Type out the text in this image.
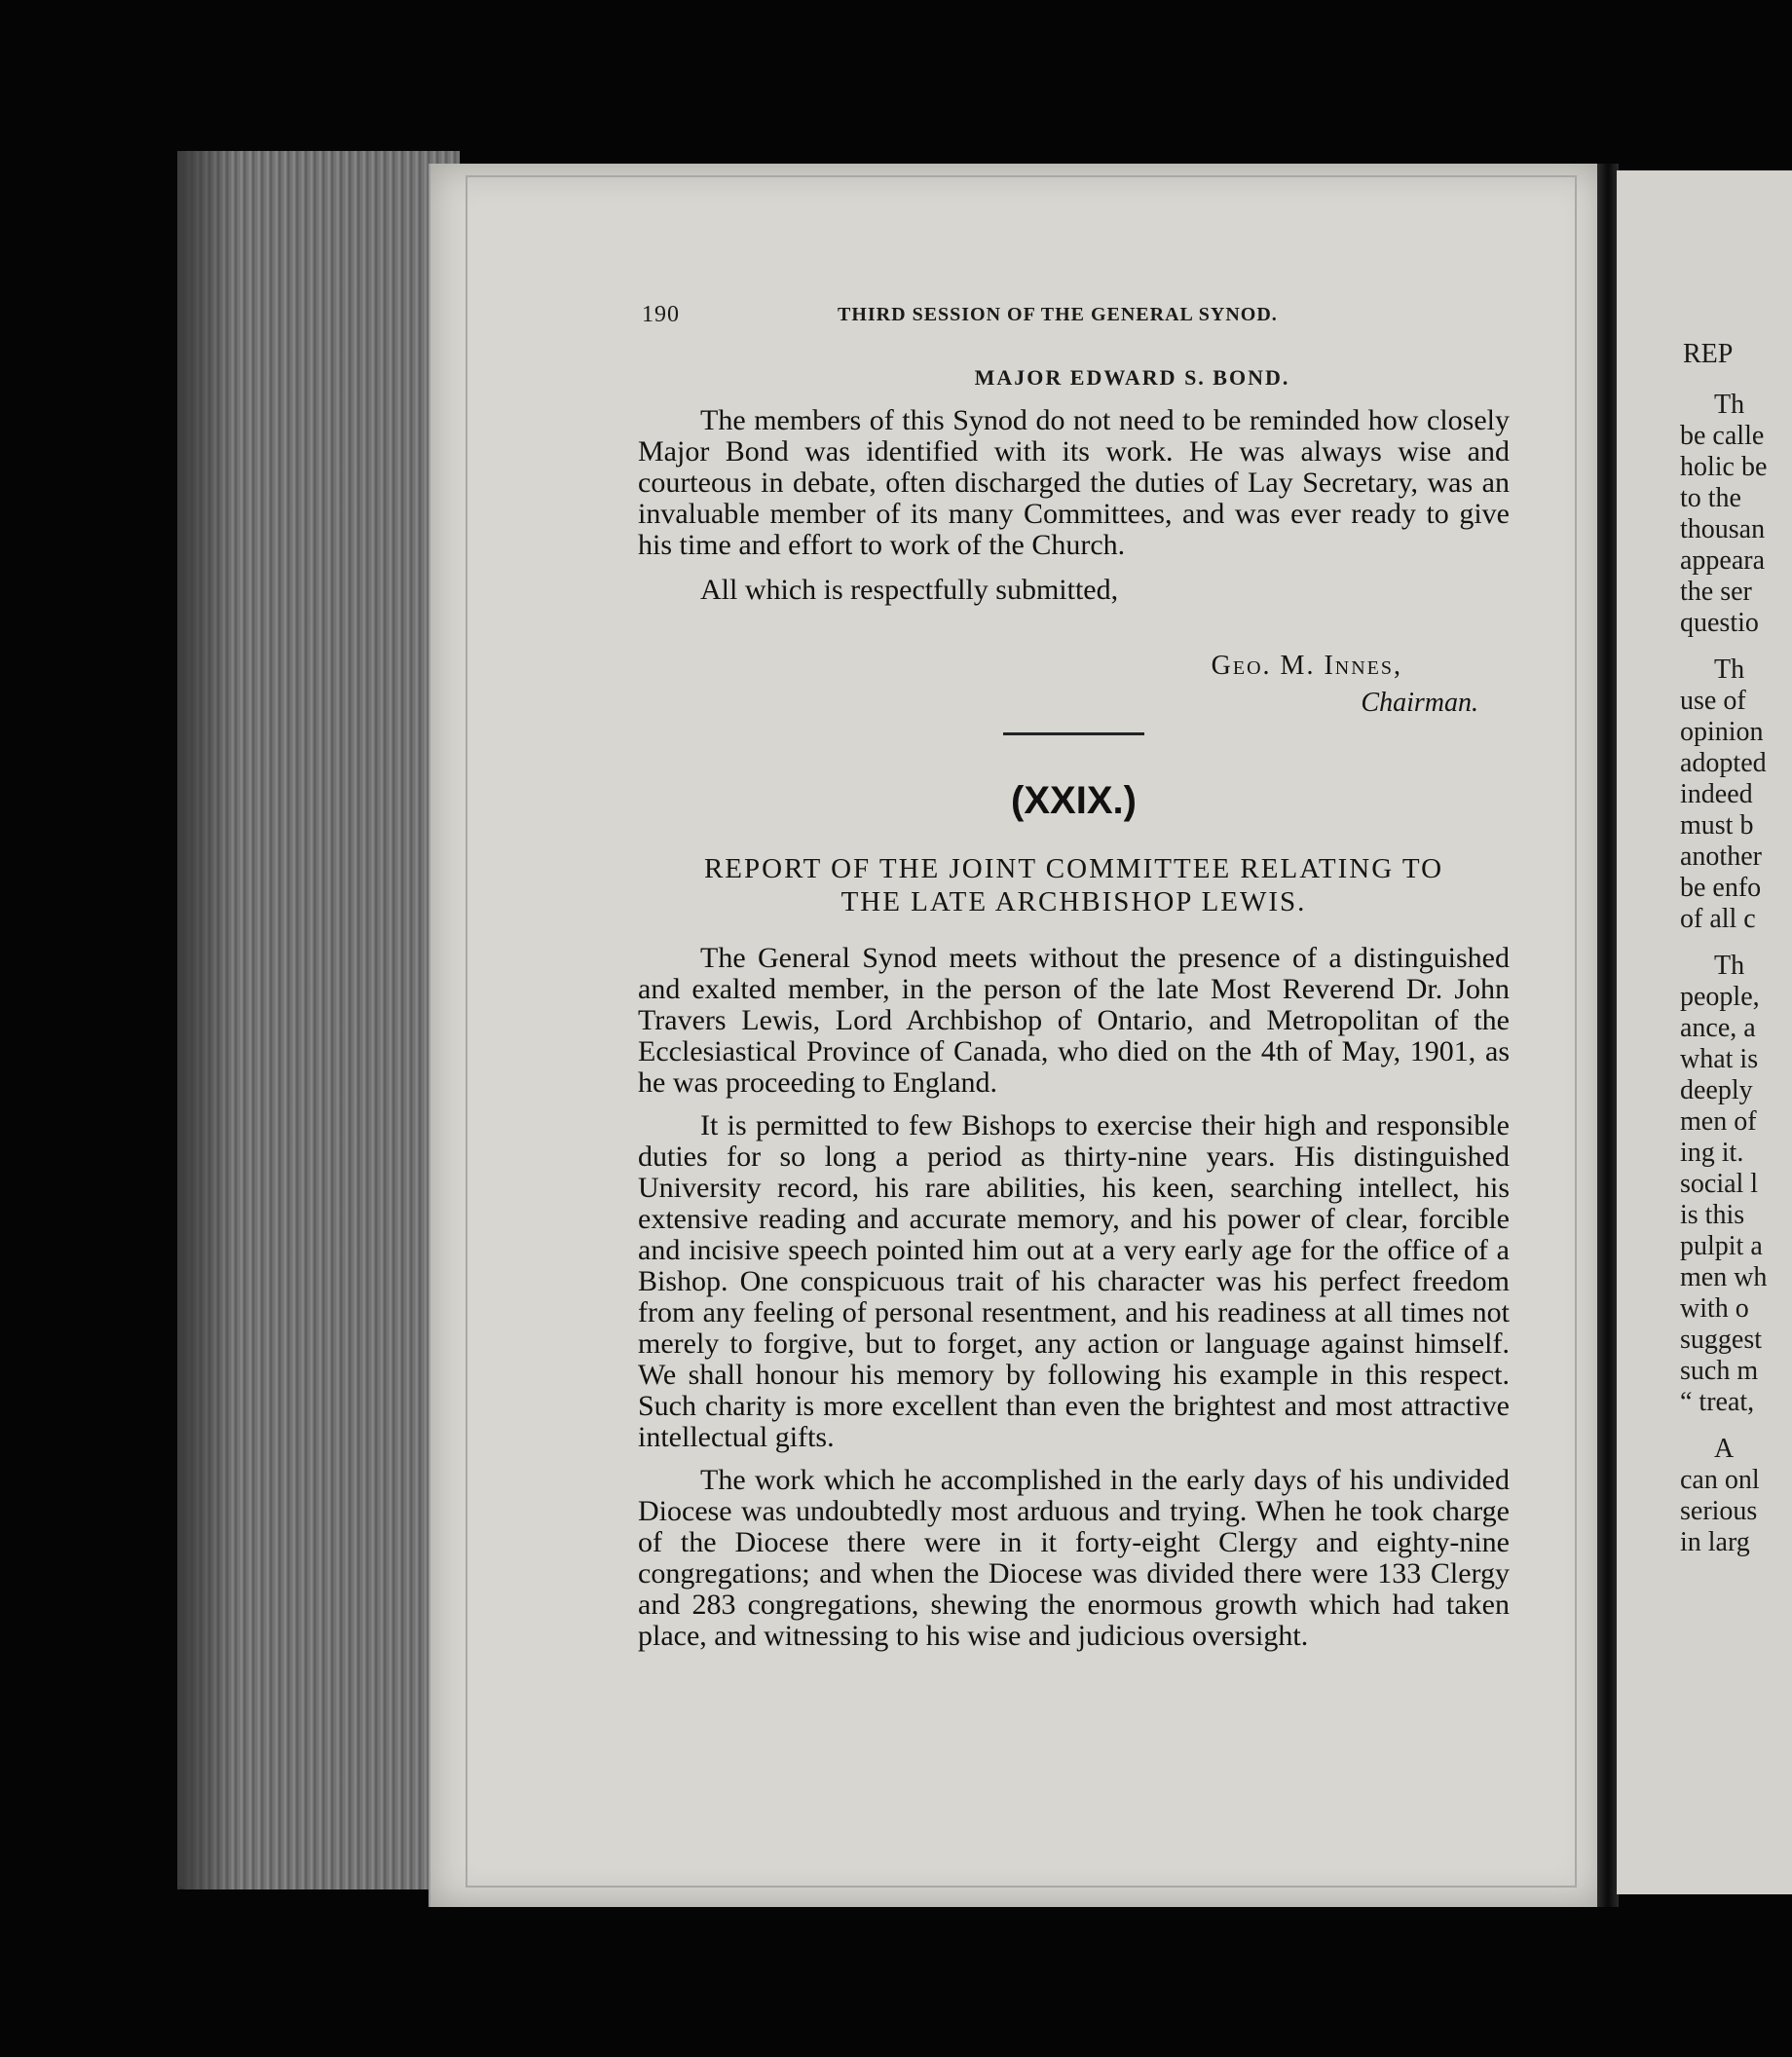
REP
Th
be calle
holic be
to the
thousan
appeara
the ser
questio
Th
use of
opinion
adopted
indeed
must b
another
be enfo
of all c
Th
people,
ance, a
what is
deeply
men of
ing it.
social l
is this
pulpit a
men wh
with o
suggest
such m
“ treat,
A
can onl
serious
in larg
190	THIRD SESSION OF THE GENERAL SYNOD.
MAJOR EDWARD S. BOND.

The members of this Synod do not need to be reminded how closely Major Bond was identified with its work. He was always wise and courteous in debate, often discharged the duties of Lay Secretary, was an invaluable member of its many Committees, and was ever ready to give his time and effort to work of the Church.

All which is respectfully submitted,

Geo. M. Innes,
Chairman.
(XXIX.)
REPORT OF THE JOINT COMMITTEE RELATING TO
THE LATE ARCHBISHOP LEWIS.

The General Synod meets without the presence of a distinguished and exalted member, in the person of the late Most Reverend Dr. John Travers Lewis, Lord Archbishop of Ontario, and Metropolitan of the Ecclesiastical Province of Canada, who died on the 4th of May, 1901, as he was proceeding to England.

It is permitted to few Bishops to exercise their high and responsible duties for so long a period as thirty-nine years. His distinguished University record, his rare abilities, his keen, searching intellect, his extensive reading and accurate memory, and his power of clear, forcible and incisive speech pointed him out at a very early age for the office of a Bishop. One conspicuous trait of his character was his perfect freedom from any feeling of personal resentment, and his readiness at all times not merely to forgive, but to forget, any action or language against himself. We shall honour his memory by following his example in this respect. Such charity is more excellent than even the brightest and most attractive intellectual gifts.

The work which he accomplished in the early days of his undivided Diocese was undoubtedly most arduous and trying. When he took charge of the Diocese there were in it forty-eight Clergy and eighty-nine congregations; and when the Diocese was divided there were 133 Clergy and 283 congregations, shewing the enormous growth which had taken place, and witnessing to his wise and judicious oversight.
